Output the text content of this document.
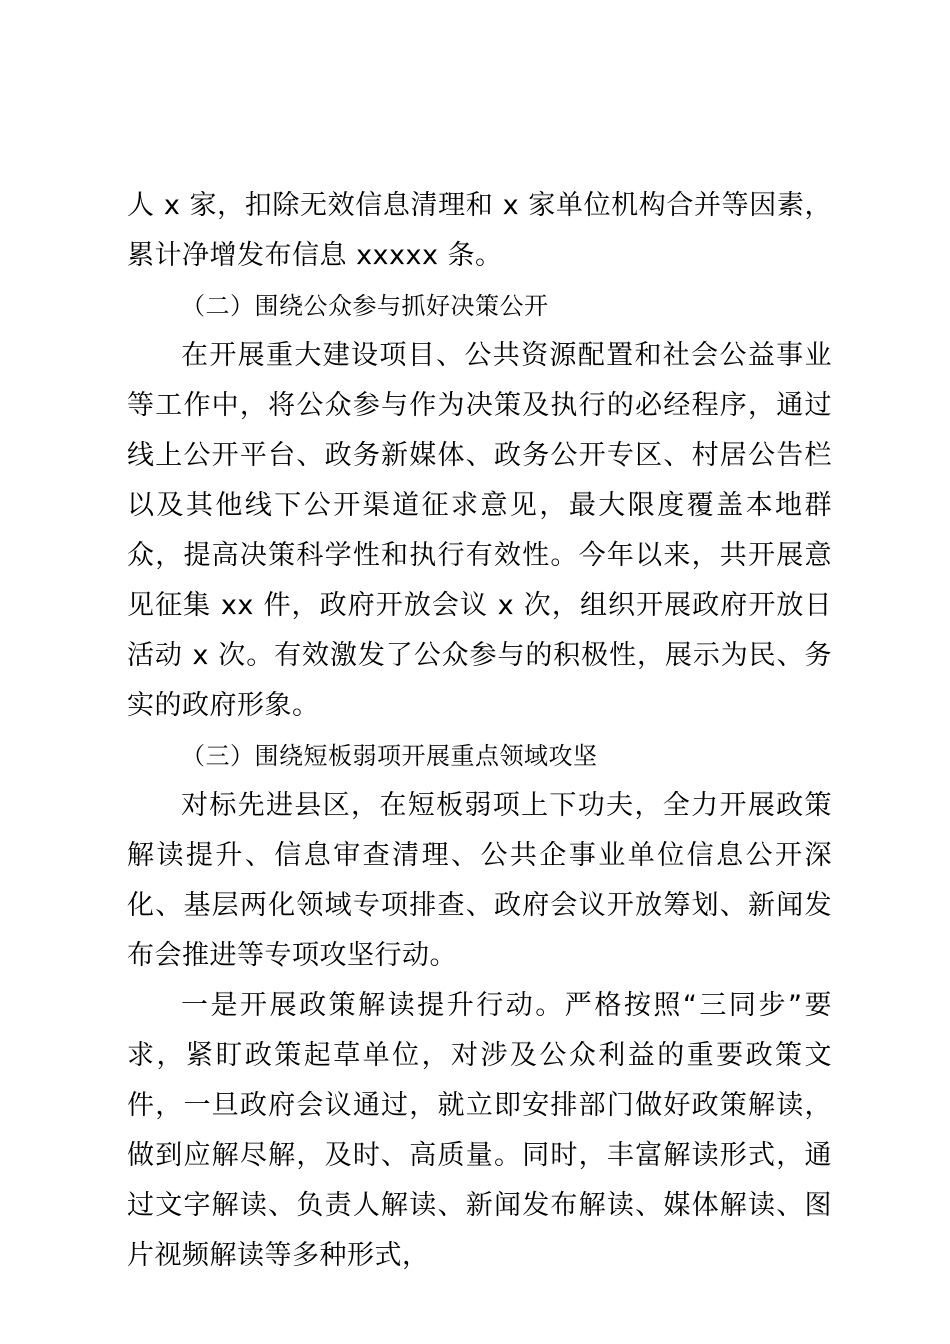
人 x 家，扣除无效信息清理和 x 家单位机构合并等因素，累计净增发布信息 xxxxx 条。

（二）围绕公众参与抓好决策公开

在开展重大建设项目、公共资源配置和社会公益事业等工作中，将公众参与作为决策及执行的必经程序，通过线上公开平台、政务新媒体、政务公开专区、村居公告栏以及其他线下公开渠道征求意见，最大限度覆盖本地群众，提高决策科学性和执行有效性。今年以来，共开展意见征集 xx 件，政府开放会议 x 次，组织开展政府开放日活动 x 次。有效激发了公众参与的积极性，展示为民、务实的政府形象。

（三）围绕短板弱项开展重点领域攻坚

对标先进县区，在短板弱项上下功夫，全力开展政策解读提升、信息审查清理、公共企事业单位信息公开深化、基层两化领域专项排查、政府会议开放筹划、新闻发布会推进等专项攻坚行动。

一是开展政策解读提升行动。严格按照“三同步”要求，紧盯政策起草单位，对涉及公众利益的重要政策文件，一旦政府会议通过，就立即安排部门做好政策解读，做到应解尽解，及时、高质量。同时，丰富解读形式，通过文字解读、负责人解读、新闻发布解读、媒体解读、图片视频解读等多种形式，
